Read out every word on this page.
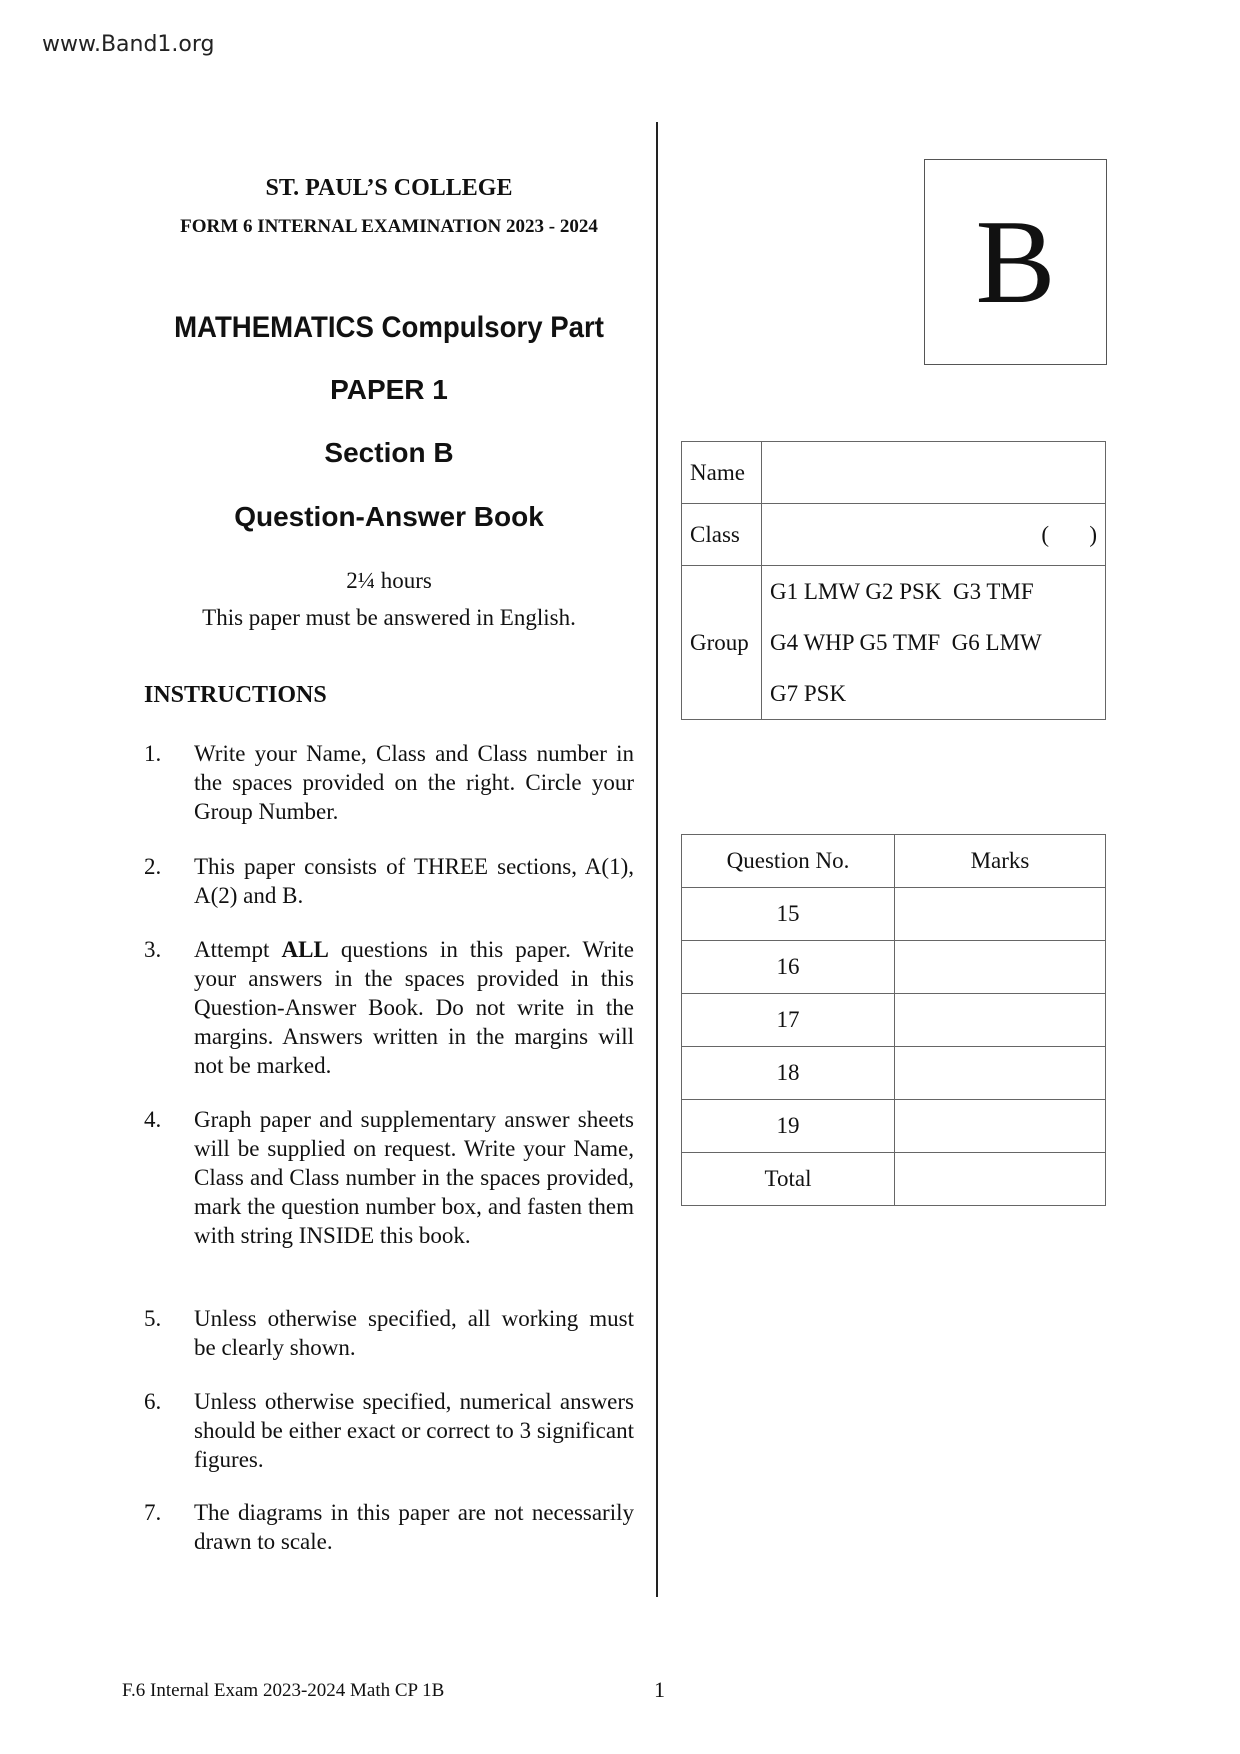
www.Band1.org
ST. PAUL’S COLLEGE
FORM 6 INTERNAL EXAMINATION 2023 - 2024
MATHEMATICS Compulsory Part
PAPER 1
Section B
Question-Answer Book
2¼ hours
This paper must be answered in English.
INSTRUCTIONS
1.	Write your Name, Class and Class number in the spaces provided on the right. Circle your Group Number.
2.	This paper consists of THREE sections, A(1), A(2) and B.
3.	Attempt ALL questions in this paper. Write your answers in the spaces provided in this Question-Answer Book. Do not write in the margins. Answers written in the margins will not be marked.
4.	Graph paper and supplementary answer sheets will be supplied on request. Write your Name, Class and Class number in the spaces provided, mark the question number box, and fasten them with string INSIDE this book.
5.	Unless otherwise specified, all working must be clearly shown.
6.	Unless otherwise specified, numerical answers should be either exact or correct to 3 significant figures.
7.	The diagrams in this paper are not necessarily drawn to scale.
B
Name	
Class	(       )
Group	G1 LMW G2 PSK  G3 TMF
G4 WHP G5 TMF  G6 LMW
G7 PSK
Question No.	Marks
15	
16	
17	
18	
19	
Total	
F.6 Internal Exam 2023-2024 Math CP 1B	1
